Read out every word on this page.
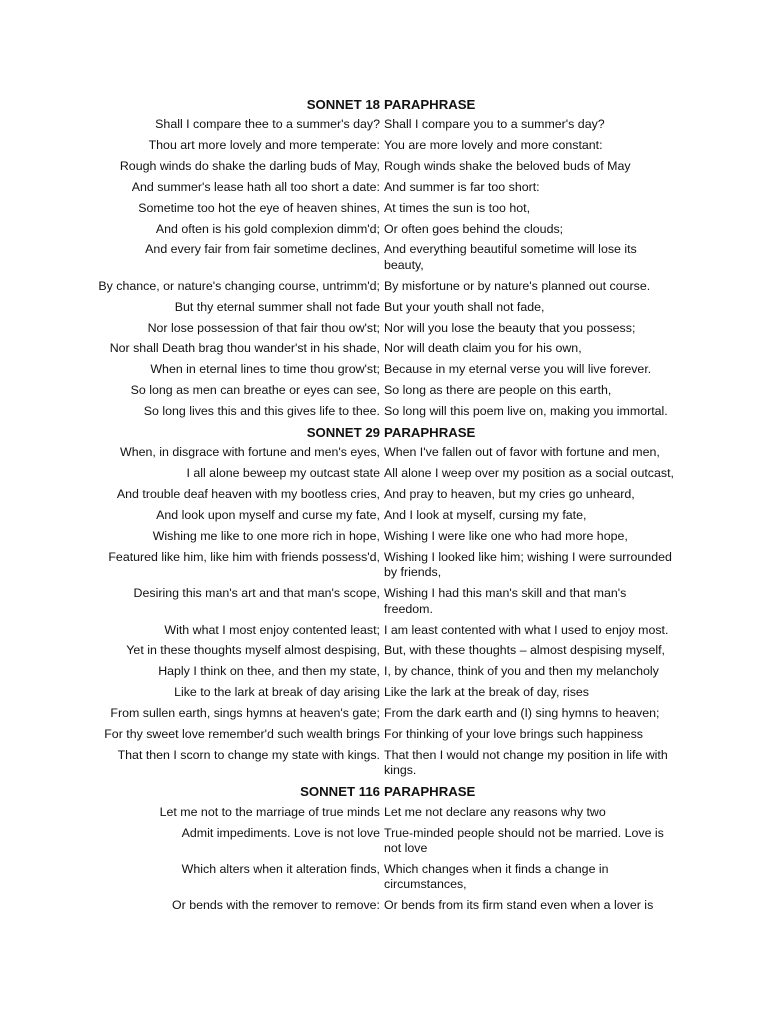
SONNET 18 PARAPHRASE
Shall I compare thee to a summer's day? Shall I compare you to a summer's day?
Thou art more lovely and more temperate: You are more lovely and more constant:
Rough winds do shake the darling buds of May, Rough winds shake the beloved buds of May
And summer's lease hath all too short a date: And summer is far too short:
Sometime too hot the eye of heaven shines, At times the sun is too hot,
And often is his gold complexion dimm'd; Or often goes behind the clouds;
And every fair from fair sometime declines, And everything beautiful sometime will lose its beauty,
By chance, or nature's changing course, untrimm'd; By misfortune or by nature's planned out course.
But thy eternal summer shall not fade But your youth shall not fade,
Nor lose possession of that fair thou ow'st; Nor will you lose the beauty that you possess;
Nor shall Death brag thou wander'st in his shade, Nor will death claim you for his own,
When in eternal lines to time thou grow'st; Because in my eternal verse you will live forever.
So long as men can breathe or eyes can see, So long as there are people on this earth,
So long lives this and this gives life to thee. So long will this poem live on, making you immortal.
SONNET 29 PARAPHRASE
When, in disgrace with fortune and men's eyes, When I've fallen out of favor with fortune and men,
I all alone beweep my outcast state All alone I weep over my position as a social outcast,
And trouble deaf heaven with my bootless cries, And pray to heaven, but my cries go unheard,
And look upon myself and curse my fate, And I look at myself, cursing my fate,
Wishing me like to one more rich in hope, Wishing I were like one who had more hope,
Featured like him, like him with friends possess'd, Wishing I looked like him; wishing I were surrounded by friends,
Desiring this man's art and that man's scope, Wishing I had this man's skill and that man's freedom.
With what I most enjoy contented least; I am least contented with what I used to enjoy most.
Yet in these thoughts myself almost despising, But, with these thoughts – almost despising myself,
Haply I think on thee, and then my state, I, by chance, think of you and then my melancholy
Like to the lark at break of day arising Like the lark at the break of day, rises
From sullen earth, sings hymns at heaven's gate; From the dark earth and (I) sing hymns to heaven;
For thy sweet love remember'd such wealth brings For thinking of your love brings such happiness
That then I scorn to change my state with kings. That then I would not change my position in life with kings.
SONNET 116 PARAPHRASE
Let me not to the marriage of true minds Let me not declare any reasons why two
Admit impediments. Love is not love True-minded people should not be married. Love is not love
Which alters when it alteration finds, Which changes when it finds a change in circumstances,
Or bends with the remover to remove: Or bends from its firm stand even when a lover is
